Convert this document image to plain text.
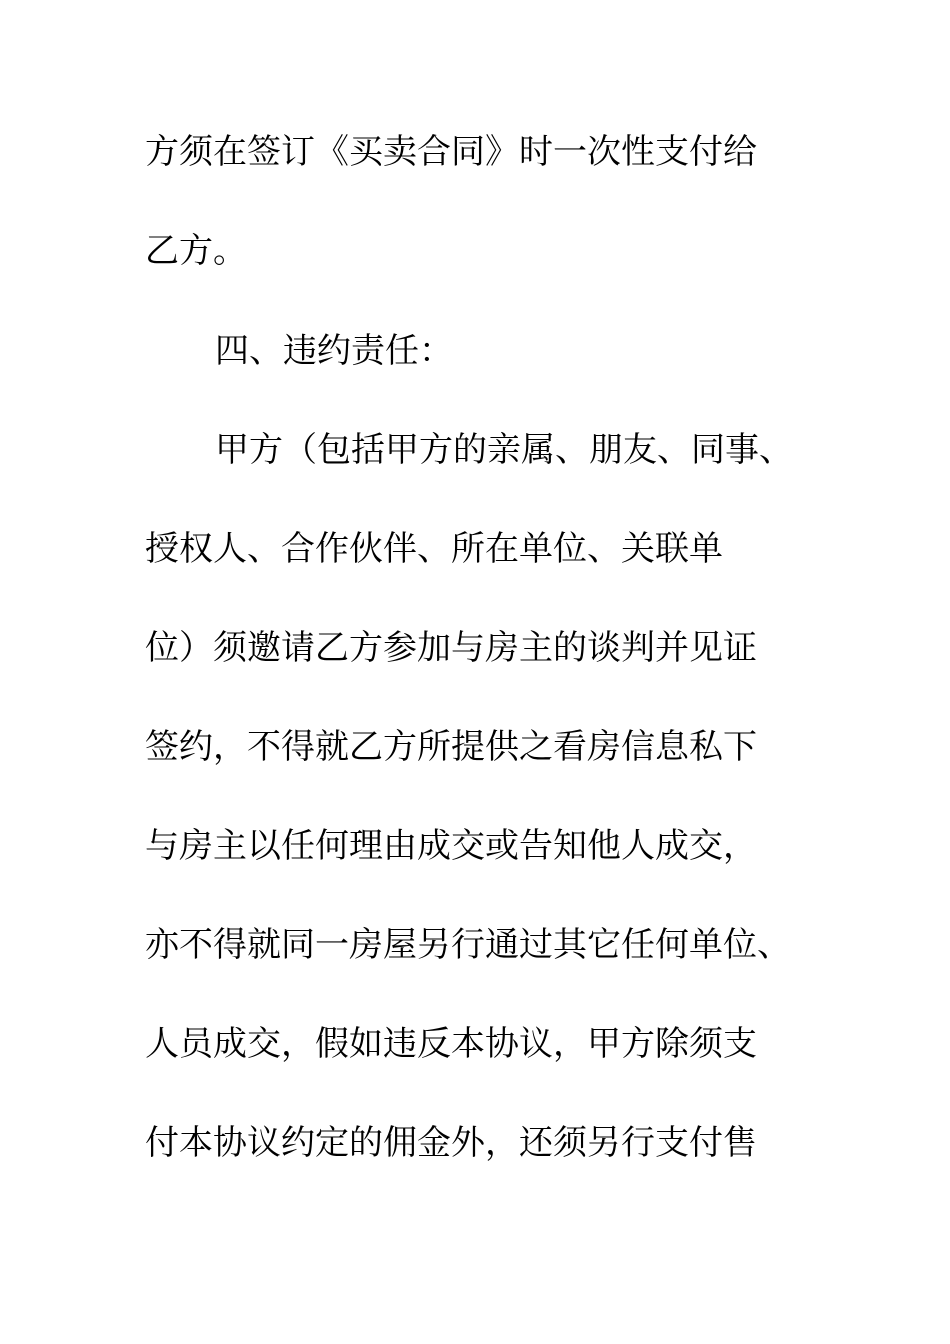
方须在签订《买卖合同》时一次性支付给
乙方。
四、违约责任：
甲方（包括甲方的亲属、朋友、同事、
授权人、合作伙伴、所在单位、关联单
位）须邀请乙方参加与房主的谈判并见证
签约，不得就乙方所提供之看房信息私下
与房主以任何理由成交或告知他人成交，
亦不得就同一房屋另行通过其它任何单位、
人员成交，假如违反本协议，甲方除须支
付本协议约定的佣金外，还须另行支付售
